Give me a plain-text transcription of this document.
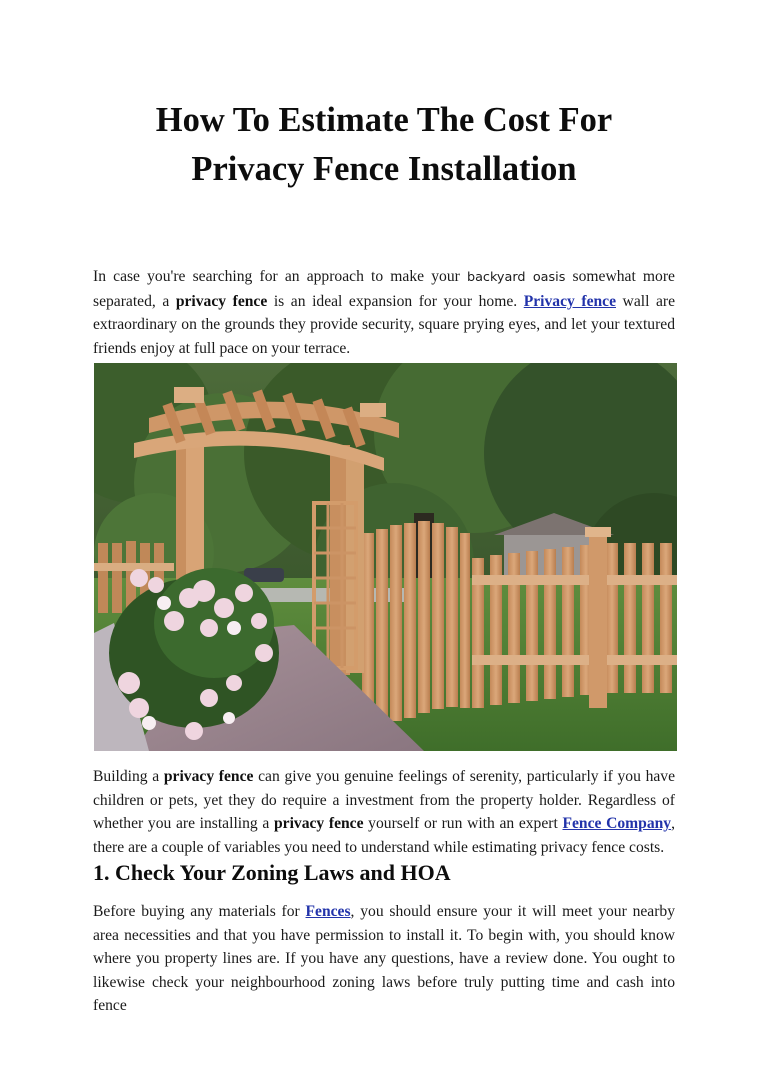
How To Estimate The Cost For
Privacy Fence Installation
In case you're searching for an approach to make your backyard oasis somewhat more separated, a privacy fence is an ideal expansion for your home. Privacy fence wall are extraordinary on the grounds they provide security, square prying eyes, and let your textured friends enjoy at full pace on your terrace.
Building a privacy fence can give you genuine feelings of serenity, particularly if you have children or pets, yet they do require a investment from the property holder. Regardless of whether you are installing a privacy fence yourself or run with an expert Fence Company, there are a couple of variables you need to understand while estimating privacy fence costs.
1. Check Your Zoning Laws and HOA
Before buying any materials for Fences, you should ensure your it will meet your nearby area necessities and that you have permission to install it. To begin with, you should know where you property lines are. If you have any questions, have a review done. You ought to likewise check your neighbourhood zoning laws before truly putting time and cash into fence
